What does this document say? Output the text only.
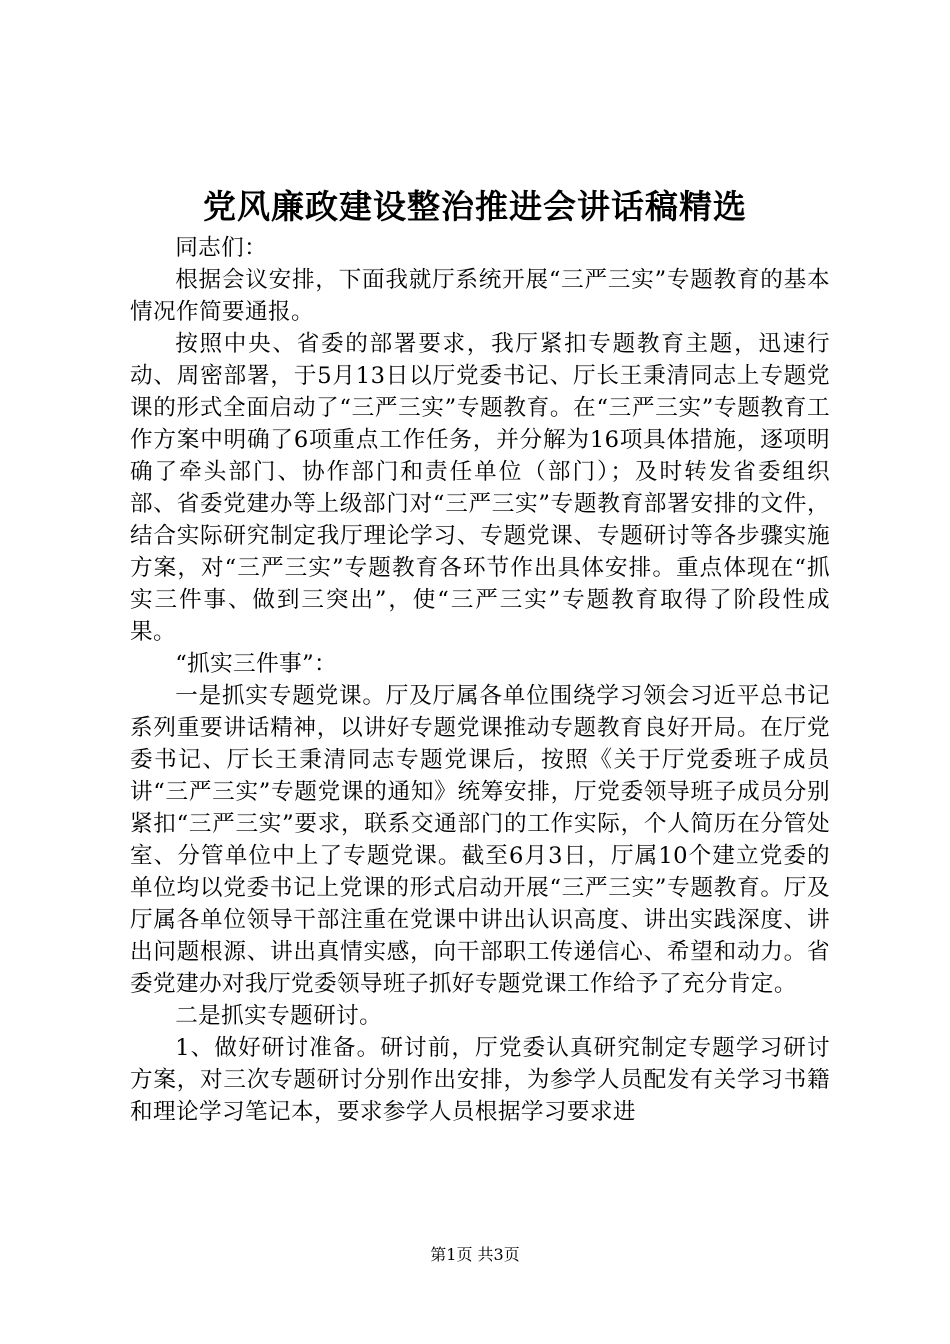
党风廉政建设整治推进会讲话稿精选

同志们：

根据会议安排，下面我就厅系统开展“三严三实”专题教育的基本情况作简要通报。

按照中央、省委的部署要求，我厅紧扣专题教育主题，迅速行动、周密部署，于5月13日以厅党委书记、厅长王秉清同志上专题党课的形式全面启动了“三严三实”专题教育。在“三严三实”专题教育工作方案中明确了6项重点工作任务，并分解为16项具体措施，逐项明确了牵头部门、协作部门和责任单位（部门）；及时转发省委组织部、省委党建办等上级部门对“三严三实”专题教育部署安排的文件，结合实际研究制定我厅理论学习、专题党课、专题研讨等各步骤实施方案，对“三严三实”专题教育各环节作出具体安排。重点体现在“抓实三件事、做到三突出”，使“三严三实”专题教育取得了阶段性成果。

“抓实三件事”：

一是抓实专题党课。厅及厅属各单位围绕学习领会习近平总书记系列重要讲话精神，以讲好专题党课推动专题教育良好开局。在厅党委书记、厅长王秉清同志专题党课后，按照《关于厅党委班子成员讲“三严三实”专题党课的通知》统筹安排，厅党委领导班子成员分别紧扣“三严三实”要求，联系交通部门的工作实际，个人简历在分管处室、分管单位中上了专题党课。截至6月3日，厅属10个建立党委的单位均以党委书记上党课的形式启动开展“三严三实”专题教育。厅及厅属各单位领导干部注重在党课中讲出认识高度、讲出实践深度、讲出问题根源、讲出真情实感，向干部职工传递信心、希望和动力。省委党建办对我厅党委领导班子抓好专题党课工作给予了充分肯定。

二是抓实专题研讨。

1、做好研讨准备。研讨前，厅党委认真研究制定专题学习研讨方案，对三次专题研讨分别作出安排，为参学人员配发有关学习书籍和理论学习笔记本，要求参学人员根据学习要求进

第1页 共3页
